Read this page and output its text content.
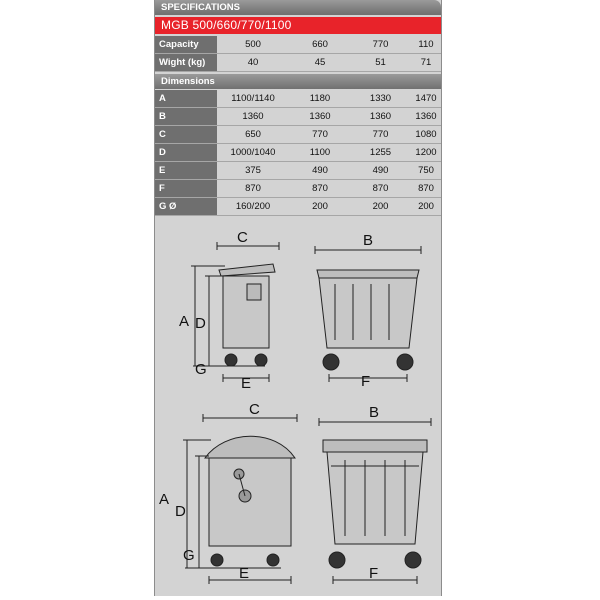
SPECIFICATIONS
MGB 500/660/770/1100
Capacity	500	660	770	110
Wight (kg)	40	45	51	71
Dimensions
A	1100/1140	1180	1330	1470
B	1360	1360	1360	1360
C	650	770	770	1080
D	1000/1040	1100	1255	1200
E	375	490	490	750
F	870	870	870	870
G Ø	160/200	200	200	200
C	B
A D
G
E	F
C	B
A
D
G
E	F
